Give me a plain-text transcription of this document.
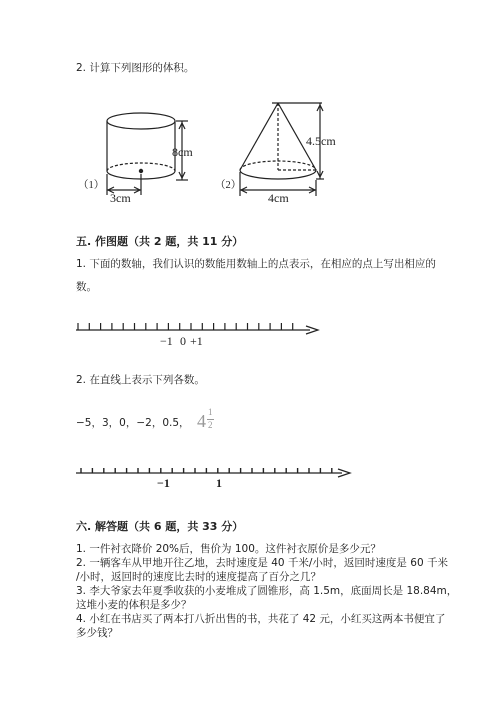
2. 计算下列图形的体积。
（1）
8cm
3cm
（2）
4.5cm
4cm
五. 作图题（共 2 题，共 11 分）
1. 下面的数轴，我们认识的数能用数轴上的点表示，在相应的点上写出相应的
数。
−1 0 +1
2. 在直线上表示下列各数。
−5，3，0，−2，0.5， 4 1
2
−1	1
六. 解答题（共 6 题，共 33 分）
1. 一件衬衣降价 20%后，售价为 100。这件衬衣原价是多少元？
2. 一辆客车从甲地开往乙地，去时速度是 40 千米/小时，返回时速度是 60 千米
/小时，返回时的速度比去时的速度提高了百分之几？
3. 李大爷家去年夏季收获的小麦堆成了圆锥形，高 1.5m，底面周长是 18.84m，
这堆小麦的体积是多少？
4. 小红在书店买了两本打八折出售的书，共花了 42 元，小红买这两本书便宜了
多少钱？
